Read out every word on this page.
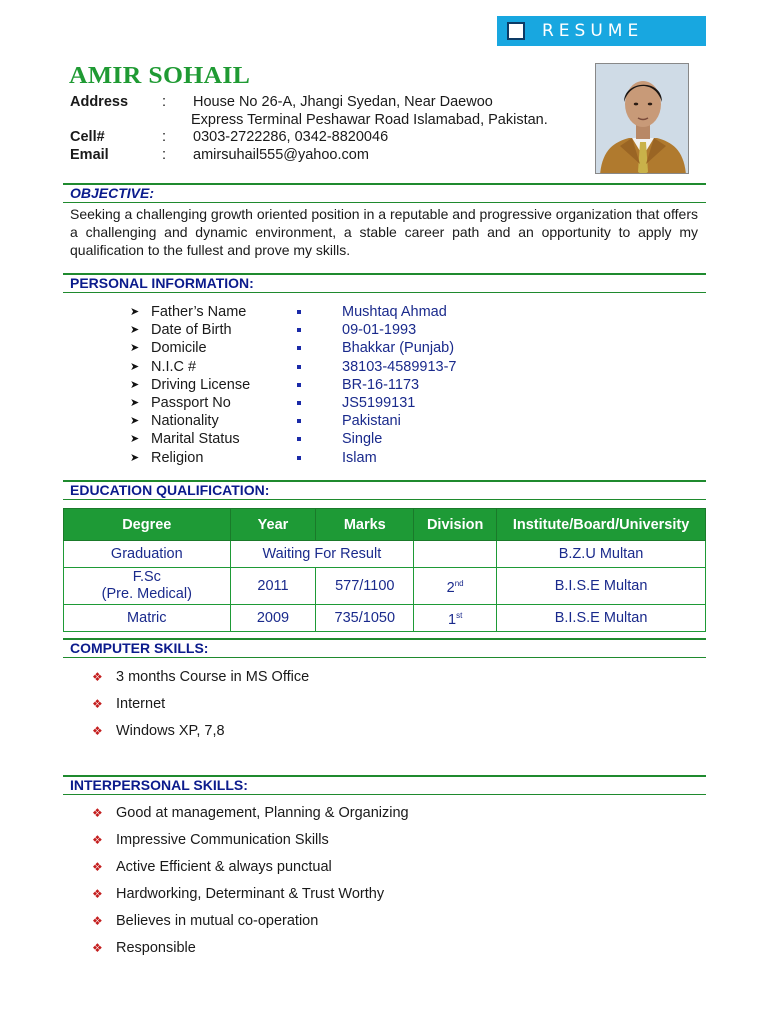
RESUME
AMIR SOHAIL
Address : House No 26-A, Jhangi Syedan, Near Daewoo
Express Terminal Peshawar Road Islamabad, Pakistan.
Cell#	: 0303-2722286, 0342-8820046
Email	: amirsuhail555@yahoo.com
OBJECTIVE:
Seeking a challenging growth oriented position in a reputable and progressive organization that offers a challenging and dynamic environment, a stable career path and an opportunity to apply my qualification to the fullest and prove my skills.
PERSONAL INFORMATION:
➤ Father’s Name	Mushtaq Ahmad
➤ Date of Birth	09-01-1993
➤ Domicile	Bhakkar (Punjab)
➤ N.I.C #	38103-4589913-7
➤ Driving License	BR-16-1173
➤ Passport No	JS5199131
➤ Nationality	Pakistani
➤ Marital Status	Single
➤ Religion	Islam
EDUCATION QUALIFICATION:
Degree	Year	Marks	Division	Institute/Board/University
Graduation	Waiting For Result			B.Z.U Multan

F.Sc
(Pre. Medical)	2011	577/1100	2nd	B.I.S.E Multan
Matric	2009	735/1050	1st	B.I.S.E Multan
COMPUTER SKILLS:
❖ 3 months Course in MS Office
❖ Internet
❖ Windows XP, 7,8
INTERPERSONAL SKILLS:
❖ Good at management, Planning & Organizing
❖ Impressive Communication Skills
❖ Active Efficient & always punctual
❖ Hardworking, Determinant & Trust Worthy
❖ Believes in mutual co-operation
❖ Responsible
